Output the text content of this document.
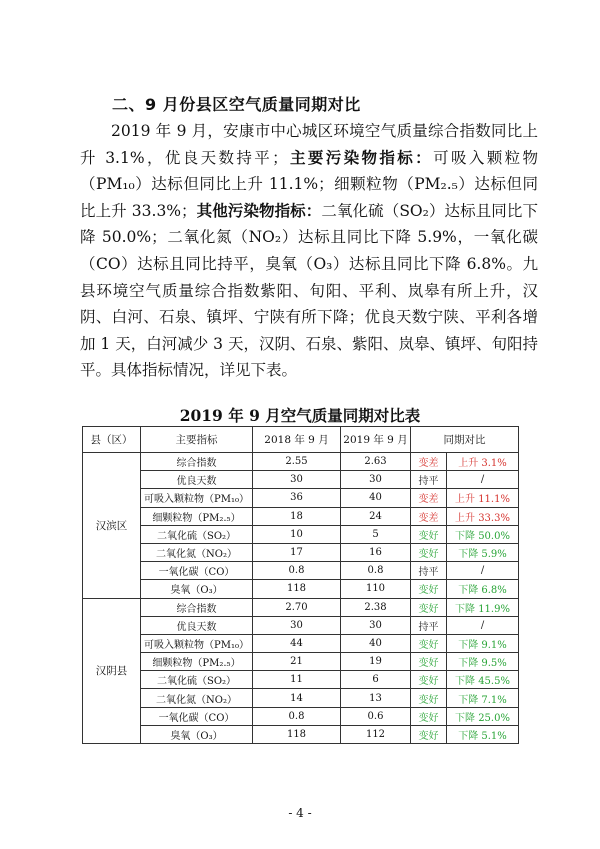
二、9 月份县区空气质量同期对比

2019 年 9 月，安康市中心城区环境空气质量综合指数同比上升 3.1%，优良天数持平；主要污染物指标：可吸入颗粒物（PM₁₀）达标但同比上升 11.1%；细颗粒物（PM₂.₅）达标但同比上升 33.3%；其他污染物指标：二氧化硫（SO₂）达标且同比下降 50.0%；二氧化氮（NO₂）达标且同比下降 5.9%，一氧化碳（CO）达标且同比持平，臭氧（O₃）达标且同比下降 6.8%。九县环境空气质量综合指数紫阳、旬阳、平利、岚皋有所上升，汉阴、白河、石泉、镇坪、宁陕有所下降；优良天数宁陕、平利各增加 1 天，白河减少 3 天，汉阴、石泉、紫阳、岚皋、镇坪、旬阳持平。具体指标情况，详见下表。

2019 年 9 月空气质量同期对比表
县（区）	主要指标	2018 年 9 月	2019 年 9 月	同期对比	
汉滨区	综合指数	2.55	2.63	变差	上升 3.1%
	优良天数	30	30	持平	/
	可吸入颗粒物（PM₁₀）	36	40	变差	上升 11.1%
	细颗粒物（PM₂.₅）	18	24	变差	上升 33.3%
	二氧化硫（SO₂）	10	5	变好	下降 50.0%
	二氧化氮（NO₂）	17	16	变好	下降 5.9%
	一氧化碳（CO）	0.8	0.8	持平	/
	臭氧（O₃）	118	110	变好	下降 6.8%
汉阴县	综合指数	2.70	2.38	变好	下降 11.9%
	优良天数	30	30	持平	/
	可吸入颗粒物（PM₁₀）	44	40	变好	下降 9.1%
	细颗粒物（PM₂.₅）	21	19	变好	下降 9.5%
	二氧化硫（SO₂）	11	6	变好	下降 45.5%
	二氧化氮（NO₂）	14	13	变好	下降 7.1%
	一氧化碳（CO）	0.8	0.6	变好	下降 25.0%
	臭氧（O₃）	118	112	变好	下降 5.1%
- 4 -
